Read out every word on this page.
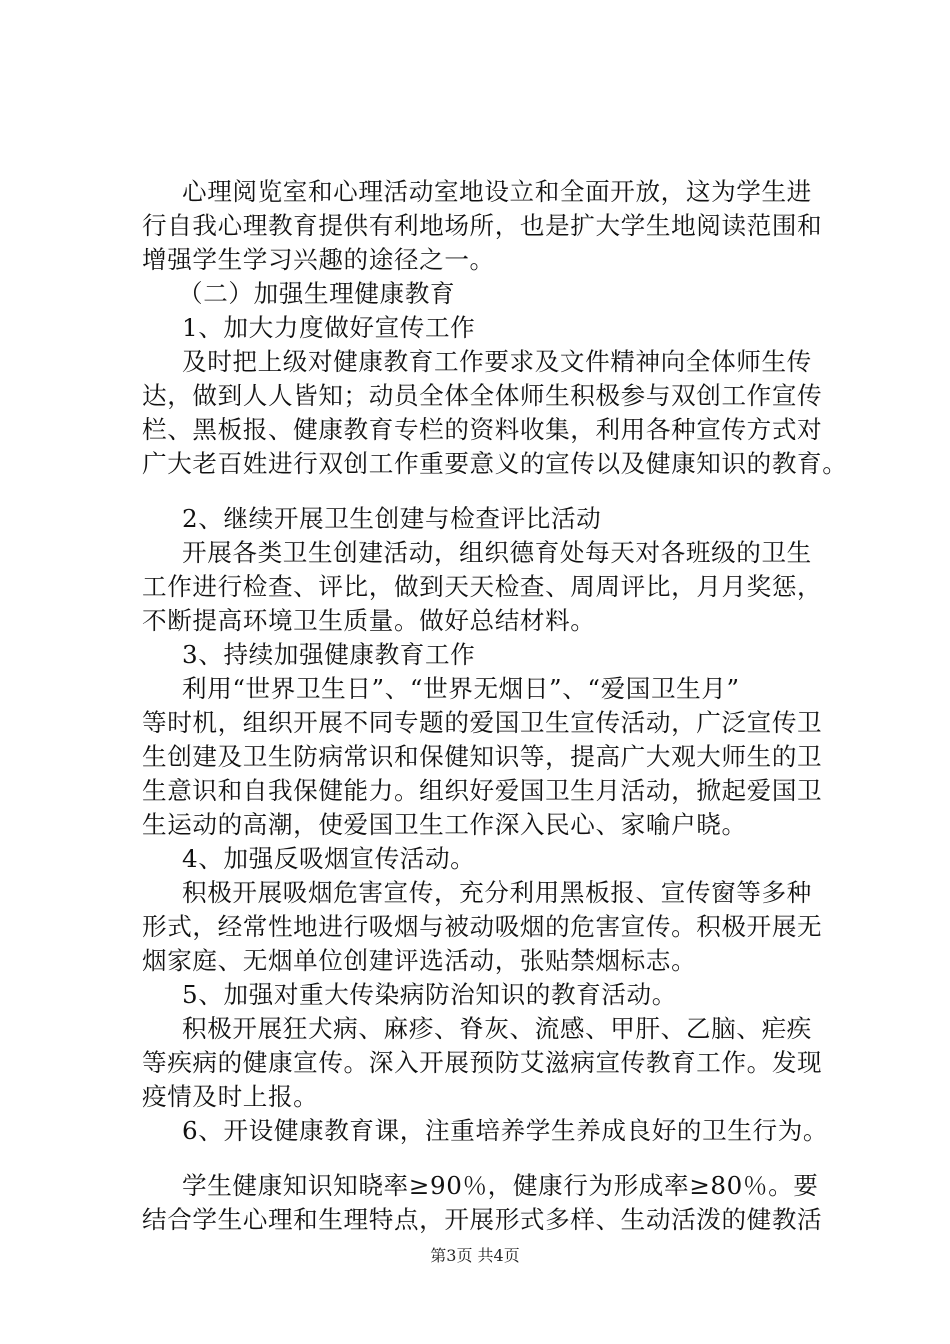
心理阅览室和心理活动室地设立和全面开放，这为学生进
行自我心理教育提供有利地场所，也是扩大学生地阅读范围和
增强学生学习兴趣的途径之一。
（二）加强生理健康教育
1、加大力度做好宣传工作
及时把上级对健康教育工作要求及文件精神向全体师生传
达，做到人人皆知；动员全体全体师生积极参与双创工作宣传
栏、黑板报、健康教育专栏的资料收集，利用各种宣传方式对
广大老百姓进行双创工作重要意义的宣传以及健康知识的教育。
2、继续开展卫生创建与检查评比活动
开展各类卫生创建活动，组织德育处每天对各班级的卫生
工作进行检查、评比，做到天天检查、周周评比，月月奖惩，
不断提高环境卫生质量。做好总结材料。
3、持续加强健康教育工作
利用“世界卫生日”、“世界无烟日”、“爱国卫生月”
等时机，组织开展不同专题的爱国卫生宣传活动，广泛宣传卫
生创建及卫生防病常识和保健知识等，提高广大观大师生的卫
生意识和自我保健能力。组织好爱国卫生月活动，掀起爱国卫
生运动的高潮，使爱国卫生工作深入民心、家喻户晓。
4、加强反吸烟宣传活动。
积极开展吸烟危害宣传，充分利用黑板报、宣传窗等多种
形式，经常性地进行吸烟与被动吸烟的危害宣传。积极开展无
烟家庭、无烟单位创建评选活动，张贴禁烟标志。
5、加强对重大传染病防治知识的教育活动。
积极开展狂犬病、麻疹、脊灰、流感、甲肝、乙脑、疟疾
等疾病的健康宣传。深入开展预防艾滋病宣传教育工作。发现
疫情及时上报。
6、开设健康教育课，注重培养学生养成良好的卫生行为。
学生健康知识知晓率≥90％，健康行为形成率≥80％。要
结合学生心理和生理特点，开展形式多样、生动活泼的健教活
第3页 共4页
